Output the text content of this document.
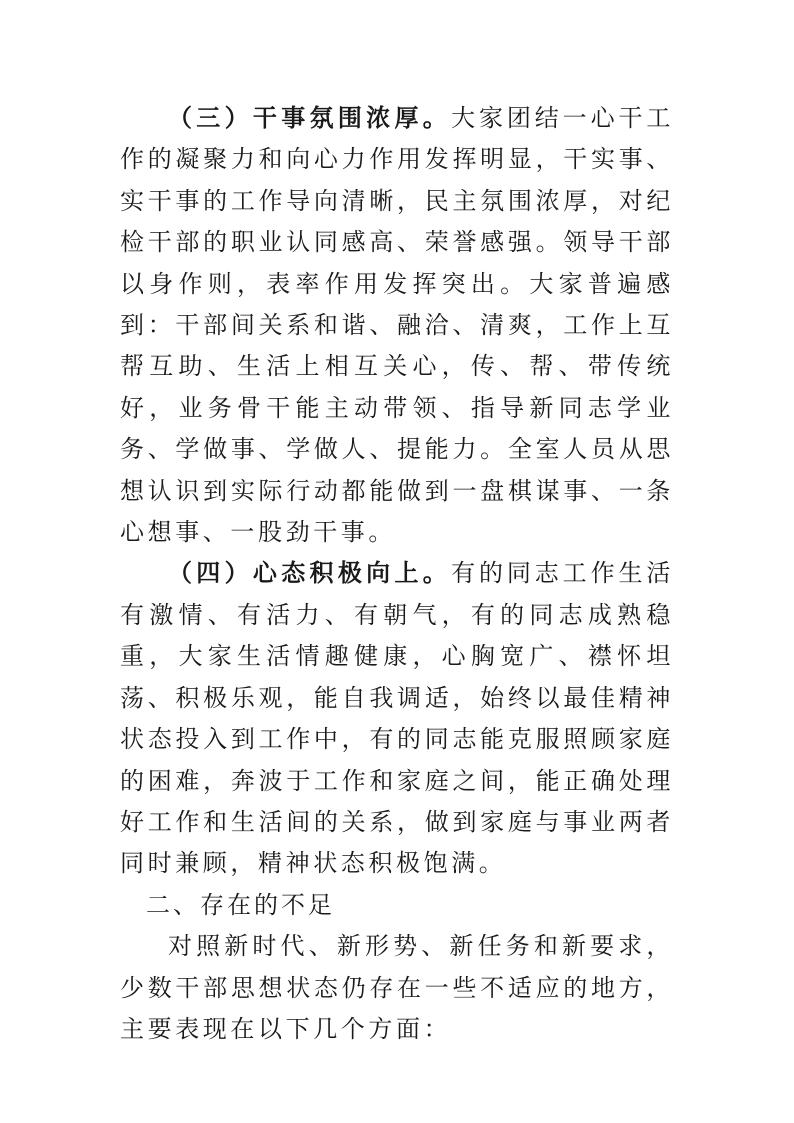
（三）干事氛围浓厚。大家团结一心干工作的凝聚力和向心力作用发挥明显，干实事、实干事的工作导向清晰，民主氛围浓厚，对纪检干部的职业认同感高、荣誉感强。领导干部以身作则，表率作用发挥突出。大家普遍感到：干部间关系和谐、融洽、清爽，工作上互帮互助、生活上相互关心，传、帮、带传统好，业务骨干能主动带领、指导新同志学业务、学做事、学做人、提能力。全室人员从思想认识到实际行动都能做到一盘棋谋事、一条心想事、一股劲干事。

（四）心态积极向上。有的同志工作生活有激情、有活力、有朝气，有的同志成熟稳重，大家生活情趣健康，心胸宽广、襟怀坦荡、积极乐观，能自我调适，始终以最佳精神状态投入到工作中，有的同志能克服照顾家庭的困难，奔波于工作和家庭之间，能正确处理好工作和生活间的关系，做到家庭与事业两者同时兼顾，精神状态积极饱满。

二、存在的不足

对照新时代、新形势、新任务和新要求，少数干部思想状态仍存在一些不适应的地方，主要表现在以下几个方面：
